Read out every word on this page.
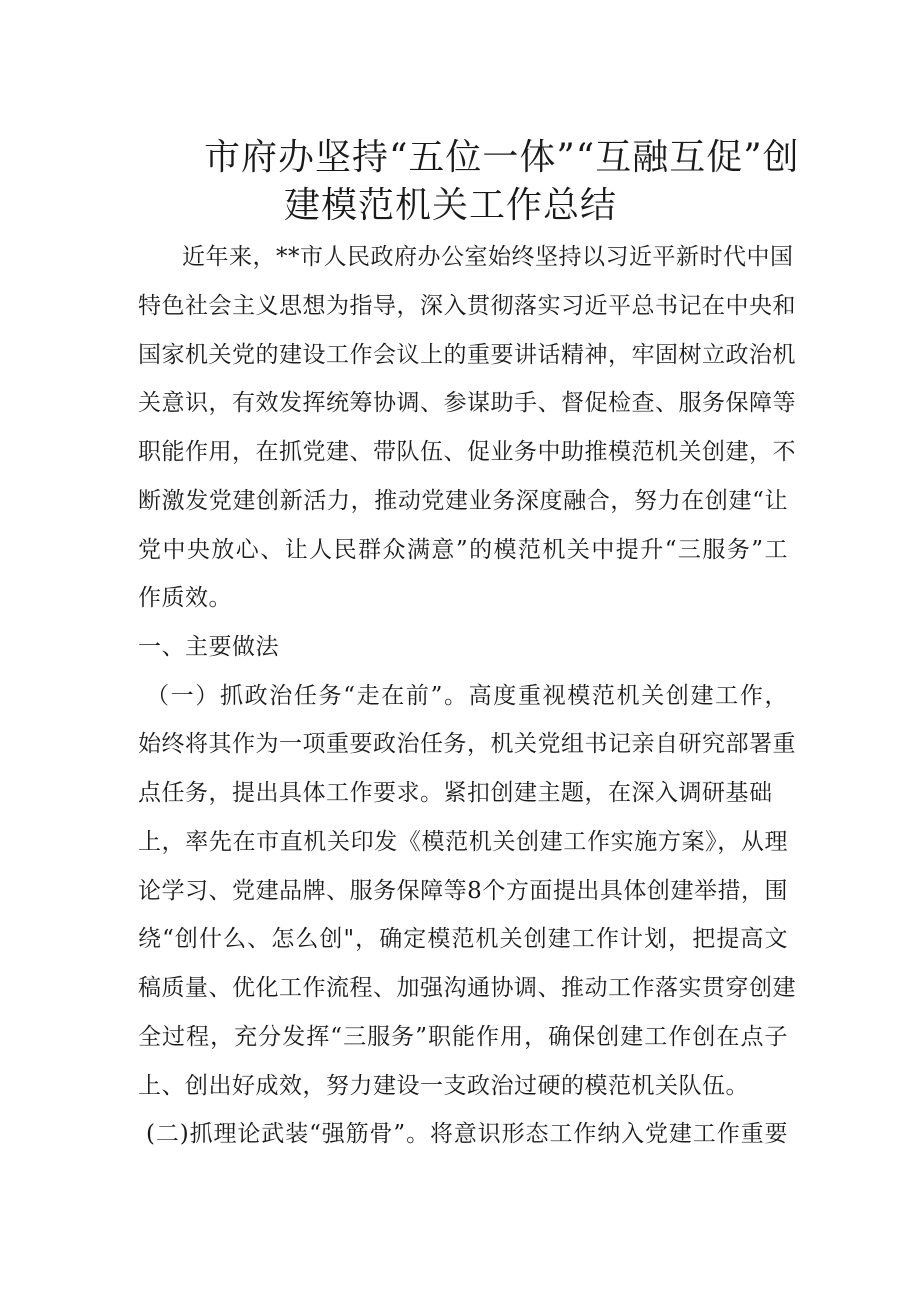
市府办坚持“五位一体”“互融互促”创
建模范机关工作总结
近年来，**市人民政府办公室始终坚持以习近平新时代中国
特色社会主义思想为指导，深入贯彻落实习近平总书记在中央和
国家机关党的建设工作会议上的重要讲话精神，牢固树立政治机
关意识，有效发挥统筹协调、参谋助手、督促检查、服务保障等
职能作用，在抓党建、带队伍、促业务中助推模范机关创建，不
断激发党建创新活力，推动党建业务深度融合，努力在创建“让
党中央放心、让人民群众满意”的模范机关中提升“三服务”工
作质效。
一、主要做法
（一）抓政治任务“走在前”。高度重视模范机关创建工作，
始终将其作为一项重要政治任务，机关党组书记亲自研究部署重
点任务，提出具体工作要求。紧扣创建主题，在深入调研基础
上，率先在市直机关印发《模范机关创建工作实施方案》，从理
论学习、党建品牌、服务保障等8个方面提出具体创建举措，围
绕“创什么、怎么创"，确定模范机关创建工作计划，把提高文
稿质量、优化工作流程、加强沟通协调、推动工作落实贯穿创建
全过程，充分发挥“三服务”职能作用，确保创建工作创在点子
上、创出好成效，努力建设一支政治过硬的模范机关队伍。
(二)抓理论武装“强筋骨”。将意识形态工作纳入党建工作重要
